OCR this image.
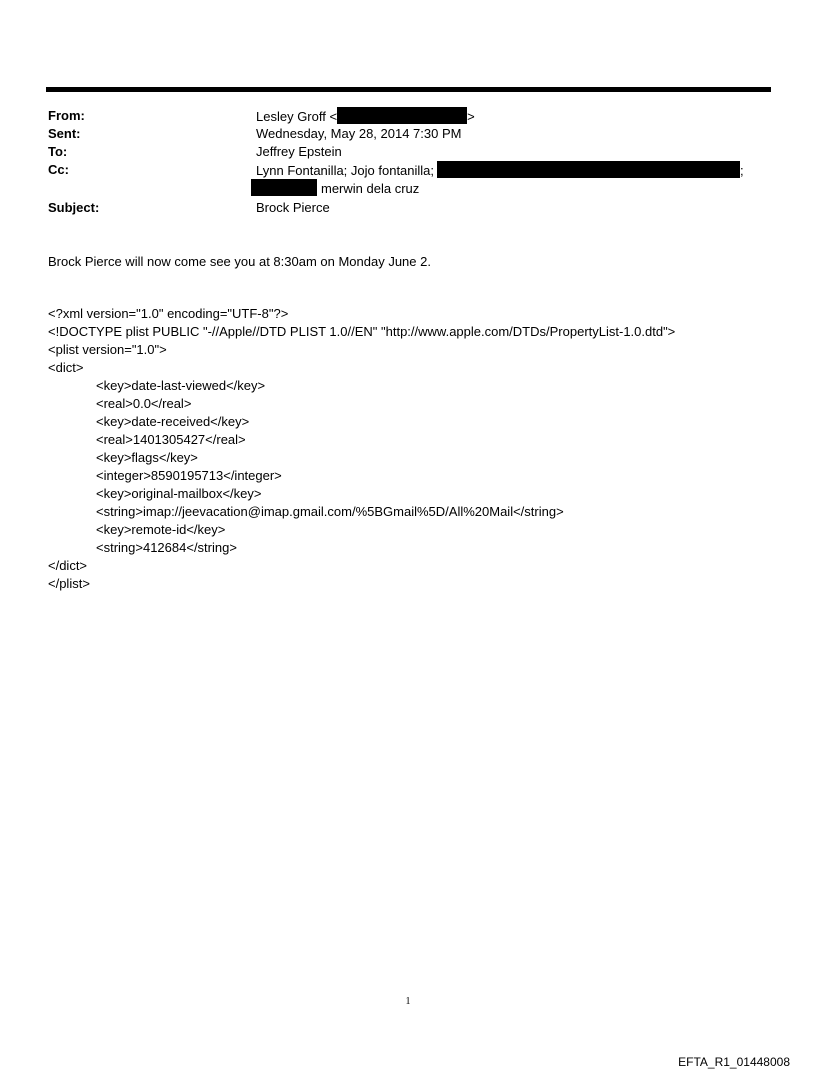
From:	Lesley Groff <	>
Sent:	Wednesday, May 28, 2014 7:30 PM
To:	Jeffrey Epstein
Cc:	Lynn Fontanilla; Jojo fontanilla;	;
merwin dela cruz
Subject:	Brock Pierce
Brock Pierce will now come see you at 8:30am on Monday June 2.
<?xml version="1.0" encoding="UTF-8"?>
<!DOCTYPE plist PUBLIC "-//Apple//DTD PLIST 1.0//EN" "http://www.apple.com/DTDs/PropertyList-1.0.dtd">
<plist version="1.0">
<dict>
<key>date-last-viewed</key>
<real>0.0</real>
<key>date-received</key>
<real>1401305427</real>
<key>flags</key>
<integer>8590195713</integer>
<key>original-mailbox</key>
<string>imap://jeevacation@imap.gmail.com/%5BGmail%5D/All%20Mail</string>
<key>remote-id</key>
<string>412684</string>
</dict>
</plist>
1
EFTA_R1_01448008
